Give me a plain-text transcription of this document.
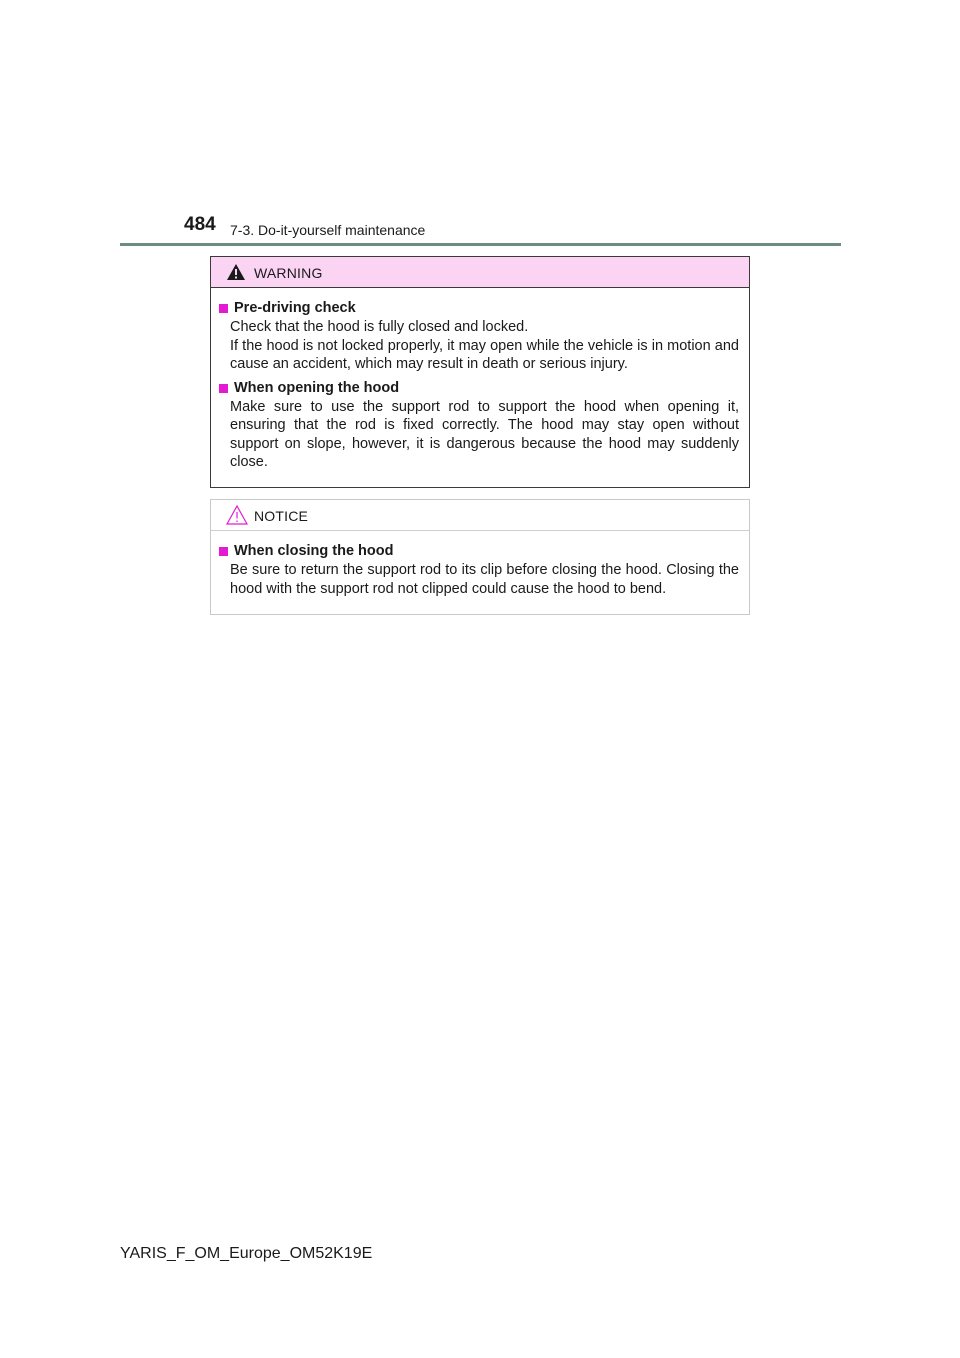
484 7-3. Do-it-yourself maintenance
WARNING
Pre-driving check

Check that the hood is fully closed and locked.

If the hood is not locked properly, it may open while the vehicle is in motion and cause an accident, which may result in death or serious injury.

When opening the hood

Make sure to use the support rod to support the hood when opening it, ensuring that the rod is fixed correctly. The hood may stay open without support on slope, however, it is dangerous because the hood may suddenly close.

NOTICE
When closing the hood

Be sure to return the support rod to its clip before closing the hood. Closing the hood with the support rod not clipped could cause the hood to bend.

YARIS_F_OM_Europe_OM52K19E
